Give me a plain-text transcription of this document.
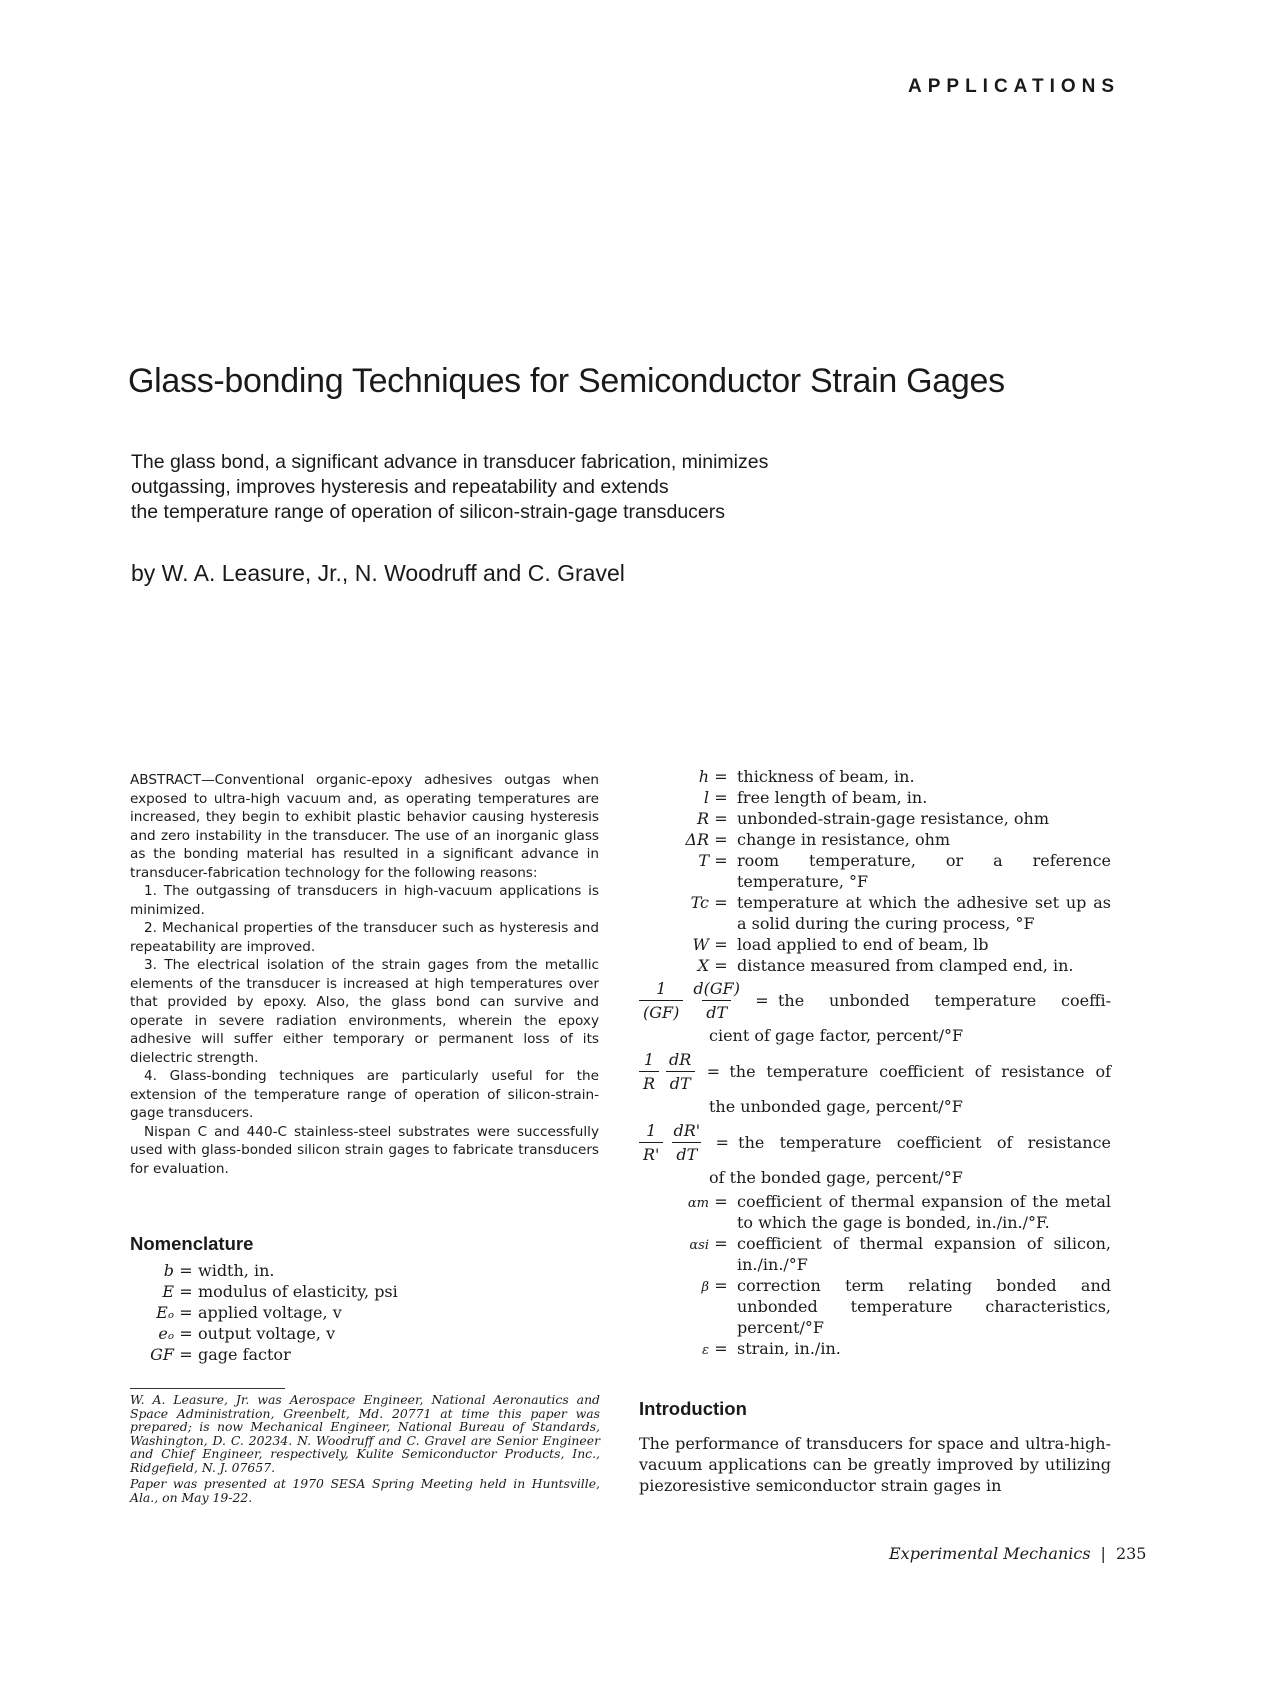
APPLICATIONS
Glass-bonding Techniques for Semiconductor Strain Gages
The glass bond, a significant advance in transducer fabrication, minimizes
outgassing, improves hysteresis and repeatability and extends
the temperature range of operation of silicon-strain-gage transducers
by W. A. Leasure, Jr., N. Woodruff and C. Gravel

ABSTRACT—Conventional organic-epoxy adhesives outgas when exposed to ultra-high vacuum and, as operating temperatures are increased, they begin to exhibit plastic behavior causing hysteresis and zero instability in the transducer. The use of an inorganic glass as the bonding material has resulted in a significant advance in transducer-fabrication technology for the following reasons:

1. The outgassing of transducers in high-vacuum applications is minimized.

2. Mechanical properties of the transducer such as hysteresis and repeatability are improved.

3. The electrical isolation of the strain gages from the metallic elements of the transducer is increased at high temperatures over that provided by epoxy. Also, the glass bond can survive and operate in severe radiation environments, wherein the epoxy adhesive will suffer either temporary or permanent loss of its dielectric strength.

4. Glass-bonding techniques are particularly useful for the extension of the temperature range of operation of silicon-strain-gage transducers.

Nispan C and 440-C stainless-steel substrates were successfully used with glass-bonded silicon strain gages to fabricate transducers for evaluation.

Nomenclature
b = width, in.
E = modulus of elasticity, psi
Eₒ = applied voltage, v
eₒ = output voltage, v
GF = gage factor
h = thickness of beam, in.
l = free length of beam, in.
R = unbonded-strain-gage resistance, ohm
ΔR = change in resistance, ohm
T = room temperature, or a reference temperature, °F
Tc = temperature at which the adhesive set up as a solid during the curing process, °F
W = load applied to end of beam, lb
X = distance measured from clamped end, in.
$\frac{1}{(GF)} \frac{d(GF)}{dT}$ = the unbonded temperature coeffi-
cient of gage factor, percent/°F
$\frac{1}{R} \frac{dR}{dT}$ = the temperature coefficient of resistance of
the unbonded gage, percent/°F
$\frac{1}{R'} \frac{dR'}{dT}$ = the temperature coefficient of resistance
of the bonded gage, percent/°F
αm = coefficient of thermal expansion of the metal to which the gage is bonded, in./in./°F.
αsi = coefficient of thermal expansion of silicon, in./in./°F
β = correction term relating bonded and unbonded temperature characteristics, percent/°F
ε = strain, in./in.

W. A. Leasure, Jr. was Aerospace Engineer, National Aeronautics and Space Administration, Greenbelt, Md. 20771 at time this paper was prepared; is now Mechanical Engineer, National Bureau of Standards, Washington, D. C. 20234. N. Woodruff and C. Gravel are Senior Engineer and Chief Engineer, respectively, Kulite Semiconductor Products, Inc., Ridgefield, N. J. 07657.

Paper was presented at 1970 SESA Spring Meeting held in Huntsville, Ala., on May 19-22.

Introduction

The performance of transducers for space and ultra-high-vacuum applications can be greatly improved by utilizing piezoresistive semiconductor strain gages in

Experimental Mechanics | 235
